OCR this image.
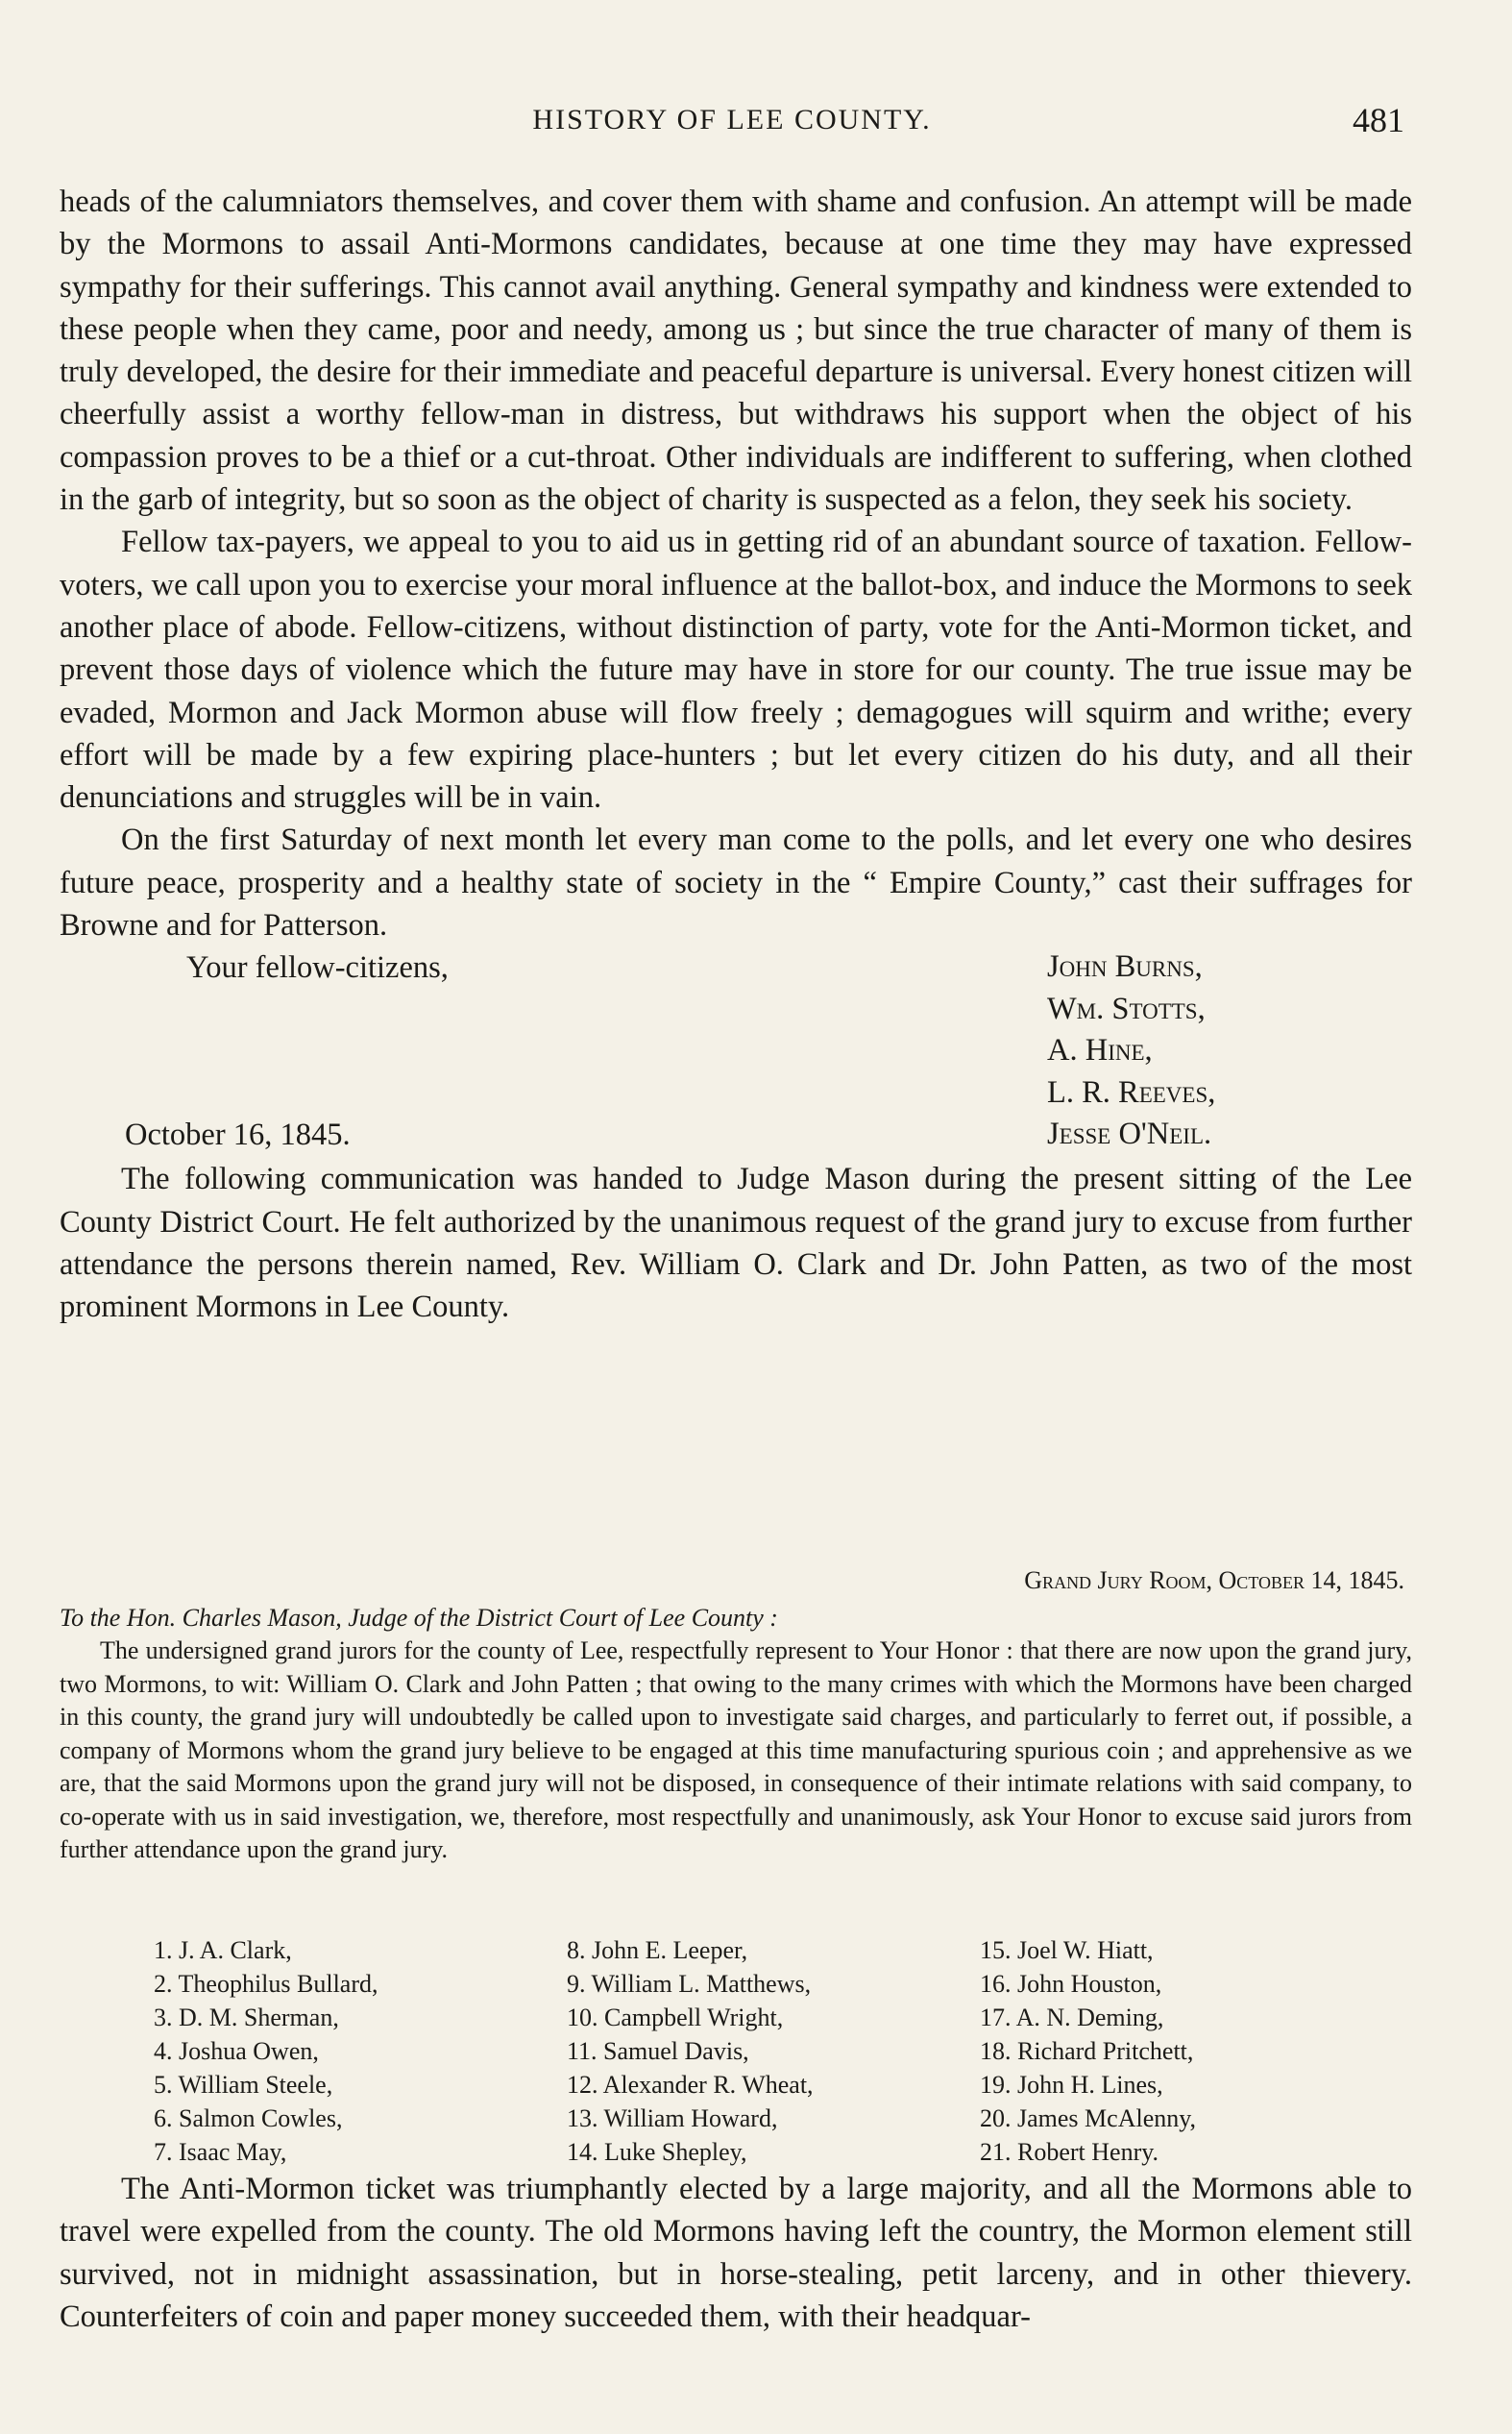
HISTORY OF LEE COUNTY.	481

heads of the calumniators themselves, and cover them with shame and confusion. An attempt will be made by the Mormons to assail Anti-Mormons candidates, because at one time they may have expressed sympathy for their sufferings. This cannot avail anything. General sympathy and kindness were extended to these people when they came, poor and needy, among us ; but since the true character of many of them is truly developed, the desire for their immediate and peaceful departure is universal. Every honest citizen will cheerfully assist a worthy fellow-man in distress, but withdraws his support when the object of his compassion proves to be a thief or a cut-throat. Other individuals are indifferent to suffering, when clothed in the garb of integrity, but so soon as the object of charity is suspected as a felon, they seek his society.

Fellow tax-payers, we appeal to you to aid us in getting rid of an abundant source of taxation. Fellow-voters, we call upon you to exercise your moral influence at the ballot-box, and induce the Mormons to seek another place of abode. Fellow-citizens, without distinction of party, vote for the Anti-Mormon ticket, and prevent those days of violence which the future may have in store for our county. The true issue may be evaded, Mormon and Jack Mormon abuse will flow freely ; demagogues will squirm and writhe; every effort will be made by a few expiring place-hunters ; but let every citizen do his duty, and all their denunciations and struggles will be in vain.

On the first Saturday of next month let every man come to the polls, and let every one who desires future peace, prosperity and a healthy state of society in the “ Empire County,” cast their suffrages for Browne and for Patterson.

Your fellow-citizens,	John Burns,
Wm. Stotts,
A. Hine,
L. R. Reeves,
Jesse O'Neil.
October 16, 1845.

The following communication was handed to Judge Mason during the present sitting of the Lee County District Court. He felt authorized by the unanimous request of the grand jury to excuse from further attendance the persons therein named, Rev. William O. Clark and Dr. John Patten, as two of the most prominent Mormons in Lee County.

Grand Jury Room, October 14, 1845.
To the Hon. Charles Mason, Judge of the District Court of Lee County :

The undersigned grand jurors for the county of Lee, respectfully represent to Your Honor : that there are now upon the grand jury, two Mormons, to wit: William O. Clark and John Patten ; that owing to the many crimes with which the Mormons have been charged in this county, the grand jury will undoubtedly be called upon to investigate said charges, and particularly to ferret out, if possible, a company of Mormons whom the grand jury believe to be engaged at this time manufacturing spurious coin ; and apprehensive as we are, that the said Mormons upon the grand jury will not be disposed, in consequence of their intimate relations with said company, to co-operate with us in said investigation, we, therefore, most respectfully and unanimously, ask Your Honor to excuse said jurors from further attendance upon the grand jury.

1. J. A. Clark,	8. John E. Leeper,	15. Joel W. Hiatt,
2. Theophilus Bullard,	9. William L. Matthews,	16. John Houston,
3. D. M. Sherman,	10. Campbell Wright,	17. A. N. Deming,
4. Joshua Owen,	11. Samuel Davis,	18. Richard Pritchett,
5. William Steele,	12. Alexander R. Wheat,	19. John H. Lines,
6. Salmon Cowles,	13. William Howard,	20. James McAlenny,
7. Isaac May,	14. Luke Shepley,	21. Robert Henry.

The Anti-Mormon ticket was triumphantly elected by a large majority, and all the Mormons able to travel were expelled from the county. The old Mormons having left the country, the Mormon element still survived, not in midnight assassination, but in horse-stealing, petit larceny, and in other thievery. Counterfeiters of coin and paper money succeeded them, with their headquar-
